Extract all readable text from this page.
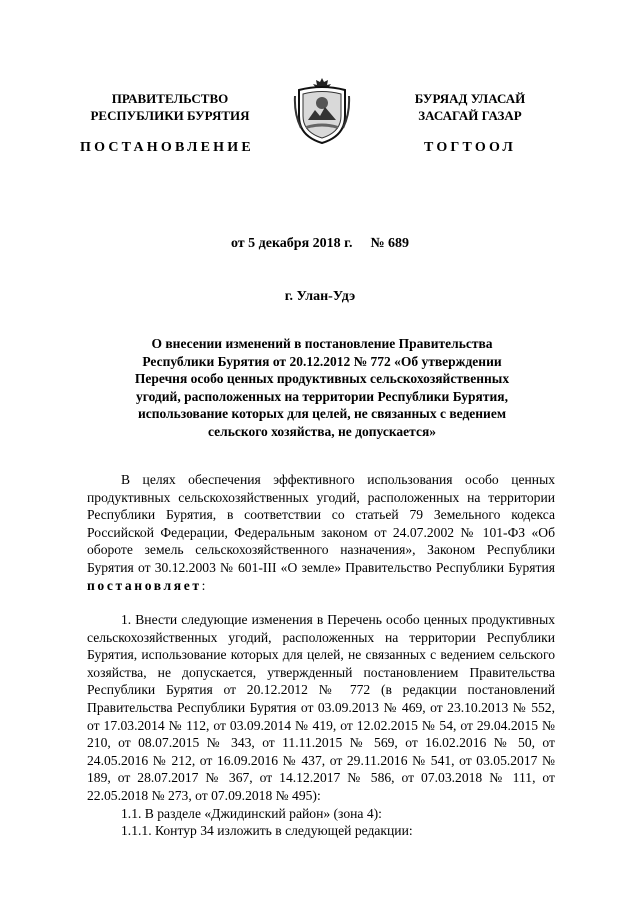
ПРАВИТЕЛЬСТВО
РЕСПУБЛИКИ БУРЯТИЯ
БУРЯАД УЛАСАЙ
ЗАСАГАЙ ГАЗАР
ПОСТАНОВЛЕНИЕ	ТОГТООЛ
от 5 декабря 2018 г. № 689
г. Улан-Удэ
О внесении изменений в постановление Правительства
Республики Бурятия от 20.12.2012 № 772 «Об утверждении
Перечня особо ценных продуктивных сельскохозяйственных
угодий, расположенных на территории Республики Бурятия,
использование которых для целей, не связанных с ведением
сельского хозяйства, не допускается»
В целях обеспечения эффективного использования особо ценных продуктивных сельскохозяйственных угодий, расположенных на территории Республики Бурятия, в соответствии со статьей 79 Земельного кодекса Российской Федерации, Федеральным законом от 24.07.2002 № 101-ФЗ «Об обороте земель сельскохозяйственного назначения», Законом Республики Бурятия от 30.12.2003 № 601-III «О земле» Правительство Республики Бурятия постановляет:
1. Внести следующие изменения в Перечень особо ценных продуктивных сельскохозяйственных угодий, расположенных на территории Республики Бурятия, использование которых для целей, не связанных с ведением сельского хозяйства, не допускается, утвержденный постановлением Правительства Республики Бурятия от 20.12.2012 № 772 (в редакции постановлений Правительства Республики Бурятия от 03.09.2013 № 469, от 23.10.2013 № 552, от 17.03.2014 № 112, от 03.09.2014 № 419, от 12.02.2015 № 54, от 29.04.2015 № 210, от 08.07.2015 № 343, от 11.11.2015 № 569, от 16.02.2016 № 50, от 24.05.2016 № 212, от 16.09.2016 № 437, от 29.11.2016 № 541, от 03.05.2017 № 189, от 28.07.2017 № 367, от 14.12.2017 № 586, от 07.03.2018 № 111, от 22.05.2018 № 273, от 07.09.2018 № 495):
1.1. В разделе «Джидинский район» (зона 4):
1.1.1. Контур 34 изложить в следующей редакции:
